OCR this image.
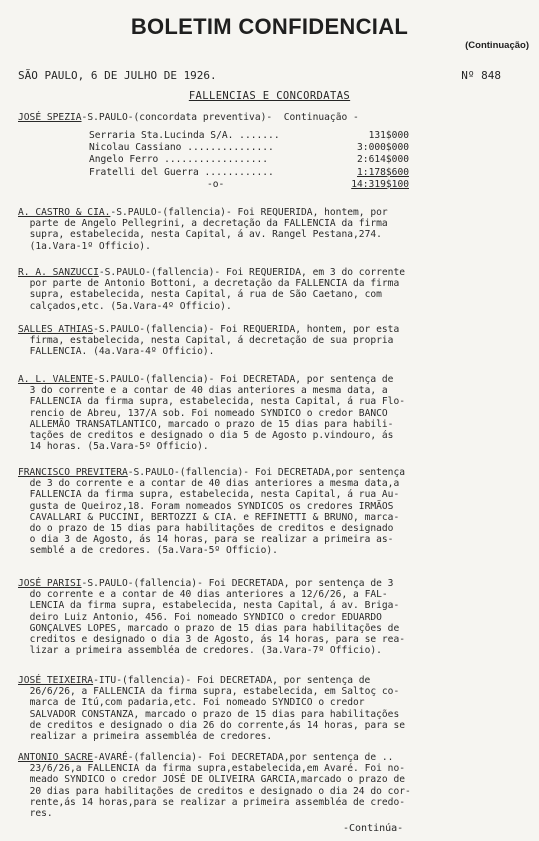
BOLETIM CONFIDENCIAL
(Continuação)
SÃO PAULO, 6 DE JULHO DE 1926.	Nº 848
FALLENCIAS E CONCORDATAS
JOSÉ SPEZIA-S.PAULO-(concordata preventiva)-  Continuação -
Serraria Sta.Lucinda S/A. .......	131$000
Nicolau Cassiano ...............	3:000$000
Angelo Ferro ..................	2:614$000
Fratelli del Guerra ............	1:178$600
-o-	14:319$100
A. CASTRO & CIA.-S.PAULO-(fallencia)- Foi REQUERIDA, hontem, por
parte de Angelo Pellegrini, a decretação da FALLENCIA da firma
supra, estabelecida, nesta Capital, á av. Rangel Pestana,274.
(1a.Vara-1º Officio).
R. A. SANZUCCI-S.PAULO-(fallencia)- Foi REQUERIDA, em 3 do corrente
por parte de Antonio Bottoni, a decretação da FALLENCIA da firma
supra, estabelecida, nesta Capital, á rua de São Caetano, com
calçados,etc. (5a.Vara-4º Officio).
SALLES ATHIAS-S.PAULO-(fallencia)- Foi REQUERIDA, hontem, por esta
firma, estabelecida, nesta Capital, á decretação de sua propria
FALLENCIA. (4a.Vara-4º Officio).
A. L. VALENTE-S.PAULO-(fallencia)- Foi DECRETADA, por sentença de
3 do corrente e a contar de 40 dias anteriores a mesma data, a
FALLENCIA da firma supra, estabelecida, nesta Capital, á rua Flo-
rencio de Abreu, 137/A sob. Foi nomeado SYNDICO o credor BANCO
ALLEMÃO TRANSATLANTICO, marcado o prazo de 15 dias para habili-
tações de creditos e designado o dia 5 de Agosto p.vindouro, ás
14 horas. (5a.Vara-5º Officio).
FRANCISCO PREVITERA-S.PAULO-(fallencia)- Foi DECRETADA,por sentença
de 3 do corrente e a contar de 40 dias anteriores a mesma data,a
FALLENCIA da firma supra, estabelecida, nesta Capital, á rua Au-
gusta de Queiroz,18. Foram nomeados SYNDICOS os credores IRMÃOS
CAVALLARI & PUCCINI, BERTOZZI & CIA. e REFINETTI & BRUNO, marca-
do o prazo de 15 dias para habilitações de creditos e designado
o dia 3 de Agosto, ás 14 horas, para se realizar a primeira as-
semblé a de credores. (5a.Vara-5º Officio).
JOSÉ PARISI-S.PAULO-(fallencia)- Foi DECRETADA, por sentença de 3
do corrente e a contar de 40 dias anteriores a 12/6/26, a FAL-
LENCIA da firma supra, estabelecida, nesta Capital, á av. Briga-
deiro Luiz Antonio, 456. Foi nomeado SYNDICO o credor EDUARDO
GONÇALVES LOPES, marcado o prazo de 15 dias para habilitações de
creditos e designado o dia 3 de Agosto, ás 14 horas, para se rea-
lizar a primeira assembléa de credores. (3a.Vara-7º Officio).
JOSÉ TEIXEIRA-ITU-(fallencia)- Foi DECRETADA, por sentença de
26/6/26, a FALLENCIA da firma supra, estabelecida, em Saltoç co-
marca de Itú,com padaria,etc. Foi nomeado SYNDICO o credor
SALVADOR CONSTANZA, marcado o prazo de 15 dias para habilitações
de creditos e designado o dia 26 do corrente,ás 14 horas, para se
realizar a primeira assembléa de credores.
ANTONIO SACRE-AVARÉ-(fallencia)- Foi DECRETADA,por sentença de ..
23/6/26,a FALLENCIA da firma supra,estabelecida,em Avaré. Foi no-
meado SYNDICO o credor JOSÉ DE OLIVEIRA GARCIA,marcado o prazo de
20 dias para habilitações de creditos e designado o dia 24 do cor-
rente,ás 14 horas,para se realizar a primeira assembléa de credo-
res.
-Continúa-
